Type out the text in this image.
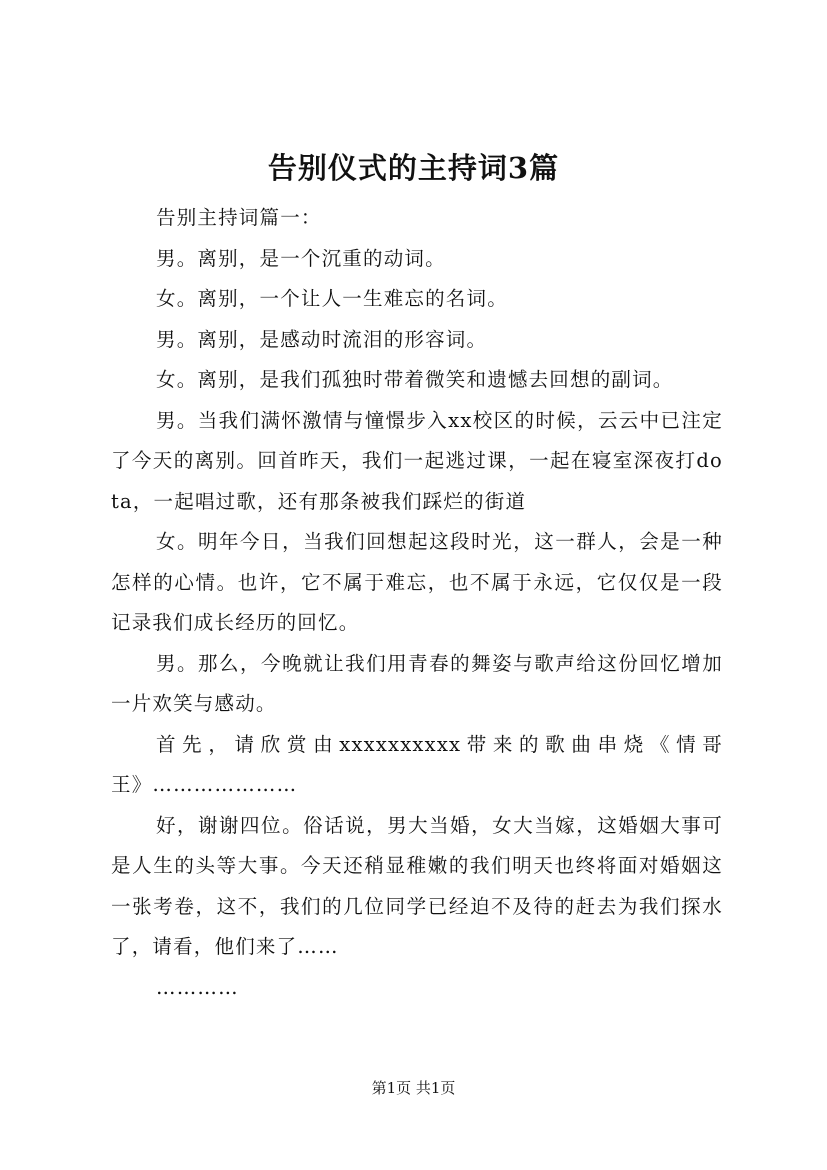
告别仪式的主持词3篇

告别主持词篇一：

男。离别，是一个沉重的动词。

女。离别，一个让人一生难忘的名词。

男。离别，是感动时流泪的形容词。

女。离别，是我们孤独时带着微笑和遗憾去回想的副词。

男。当我们满怀激情与憧憬步入xx校区的时候，云云中已注定了今天的离别。回首昨天，我们一起逃过课，一起在寝室深夜打dota，一起唱过歌，还有那条被我们踩烂的街道

女。明年今日，当我们回想起这段时光，这一群人，会是一种怎样的心情。也许，它不属于难忘，也不属于永远，它仅仅是一段记录我们成长经历的回忆。

男。那么，今晚就让我们用青春的舞姿与歌声给这份回忆增加一片欢笑与感动。

首先，请欣赏由xxxxxxxxxx带来的歌曲串烧《情哥王》…………………

好，谢谢四位。俗话说，男大当婚，女大当嫁，这婚姻大事可是人生的头等大事。今天还稍显稚嫩的我们明天也终将面对婚姻这一张考卷，这不，我们的几位同学已经迫不及待的赶去为我们探水了，请看，他们来了……

…………

第1页 共1页
